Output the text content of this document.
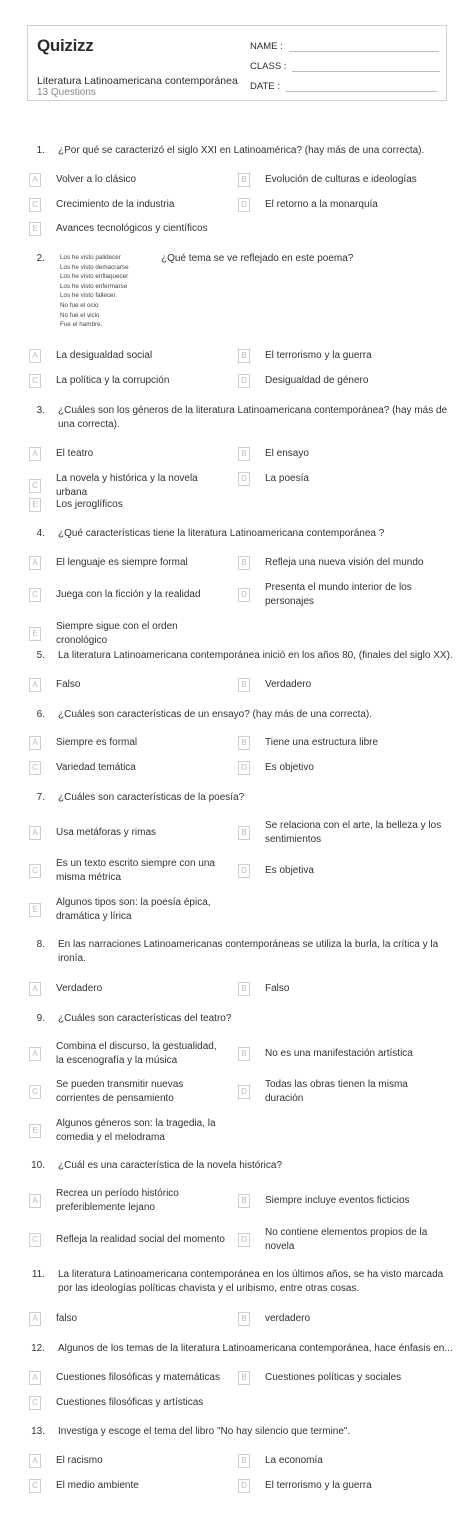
Quizizz
Literatura Latinoamericana contemporánea
13 Questions
NAME :
CLASS :
DATE :
1. ¿Por qué se caracterizó el siglo XXI en Latinoamérica? (hay más de una correcta).
A	Volver a lo clásico	B	Evolución de culturas e ideologías
C	Crecimiento de la industria	D	El retorno a la monarquía
E	Avances tecnológicos y científicos
2.	¿Qué tema se ve reflejado en este poema?
Los he visto palidecer
Los he visto demacrarse
Los he visto enflaquecer
Los he visto enfermarse
Los he visto fallecer.
No fue el ocio
No fue el vicio
Fue el hambre.
A	La desigualdad social	B	El terrorismo y la guerra
C	La política y la corrupción	D	Desigualdad de género
3. ¿Cuáles son los géneros de la literatura Latinoamericana contemporánea? (hay más de una correcta).
A	El teatro	B	El ensayo
C
La novela y histórica y la novela urbana
D	La poesía
E	Los jeroglíficos
4. ¿Qué características tiene la literatura Latinoamericana contemporánea ?
A	El lenguaje es siempre formal	B	Refleja una nueva visión del mundo
C	Juega con la ficción y la realidad	D
Presenta el mundo interior de los personajes
E
Siempre sigue con el orden cronológico
5. La literatura Latinoamericana contemporánea inició en los años 80, (finales del siglo XX).
A	Falso	B	Verdadero
6. ¿Cuáles son características de un ensayo? (hay más de una correcta).
A	Siempre es formal	B	Tiene una estructura libre
C	Variedad temática	D	Es objetivo
7. ¿Cuáles son características de la poesía?
A	Usa metáforas y rimas	B
Se relaciona con el arte, la belleza y los sentimientos
C
Es un texto escrito siempre con una misma métrica
D	Es objetiva
E
Algunos tipos son: la poesía épica, dramática y lírica
8. En las narraciones Latinoamericanas contemporáneas se utiliza la burla, la crítica y la ironía.
A	Verdadero	B	Falso
9. ¿Cuáles son características del teatro?
A
Combina el discurso, la gestualidad, la escenografía y la música
B	No es una manifestación artística
C
Se pueden transmitir nuevas corrientes de pensamiento
D
Todas las obras tienen la misma duración
E
Algunos géneros son: la tragedia, la comedia y el melodrama
10. ¿Cuál es una característica de la novela histórica?
A
Recrea un período histórico preferiblemente lejano
B	Siempre incluye eventos ficticios
C	Refleja la realidad social del momento	D
No contiene elementos propios de la novela
11. La literatura Latinoamericana contemporánea en los últimos años, se ha visto marcada por las ideologías políticas chavista y el uribismo, entre otras cosas.
A	falso	B	verdadero
12. Algunos de los temas de la literatura Latinoamericana contemporánea, hace énfasis en...
A	Cuestiones filosóficas y matemáticas	B	Cuestiones políticas y sociales
C	Cuestiones filosóficas y artísticas
13. Investiga y escoge el tema del libro "No hay silencio que termine".
A	El racismo	B	La economía
C	El medio ambiente	D	El terrorismo y la guerra
